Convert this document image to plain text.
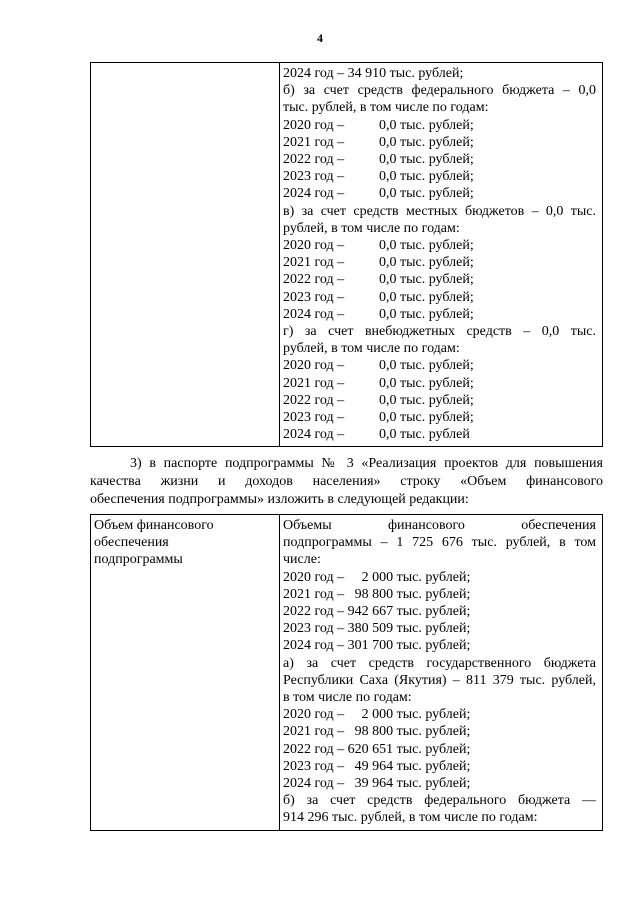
4

2024 год – 34 910 тыс. рублей;
б) за счет средств федерального бюджета – 0,0
тыс. рублей, в том числе по годам:
2020 год – 0,0 тыс. рублей;
2021 год – 0,0 тыс. рублей;
2022 год – 0,0 тыс. рублей;
2023 год – 0,0 тыс. рублей;
2024 год – 0,0 тыс. рублей;
в) за счет средств местных бюджетов – 0,0 тыс.
рублей, в том числе по годам:
2020 год – 0,0 тыс. рублей;
2021 год – 0,0 тыс. рублей;
2022 год – 0,0 тыс. рублей;
2023 год – 0,0 тыс. рублей;
2024 год – 0,0 тыс. рублей;
г) за счет внебюджетных средств – 0,0 тыс.
рублей, в том числе по годам:
2020 год – 0,0 тыс. рублей;
2021 год – 0,0 тыс. рублей;
2022 год – 0,0 тыс. рублей;
2023 год – 0,0 тыс. рублей;
2024 год – 0,0 тыс. рублей
3) в паспорте подпрограммы № 3 «Реализация проектов для повышения
качества жизни и доходов населения» строку «Объем финансового
обеспечения подпрограммы» изложить в следующей редакции:
Объем финансового обеспечения подпрограммы

Объемы финансового обеспечения
подпрограммы – 1 725 676 тыс. рублей, в том
числе:
2020 год –     2 000 тыс. рублей;
2021 год –   98 800 тыс. рублей;
2022 год – 942 667 тыс. рублей;
2023 год – 380 509 тыс. рублей;
2024 год – 301 700 тыс. рублей;
а) за счет средств государственного бюджета
Республики Саха (Якутия) – 811 379 тыс. рублей,
в том числе по годам:
2020 год –     2 000 тыс. рублей;
2021 год –   98 800 тыс. рублей;
2022 год – 620 651 тыс. рублей;
2023 год –   49 964 тыс. рублей;
2024 год –   39 964 тыс. рублей;
б) за счет средств федерального бюджета —
914 296 тыс. рублей, в том числе по годам:
